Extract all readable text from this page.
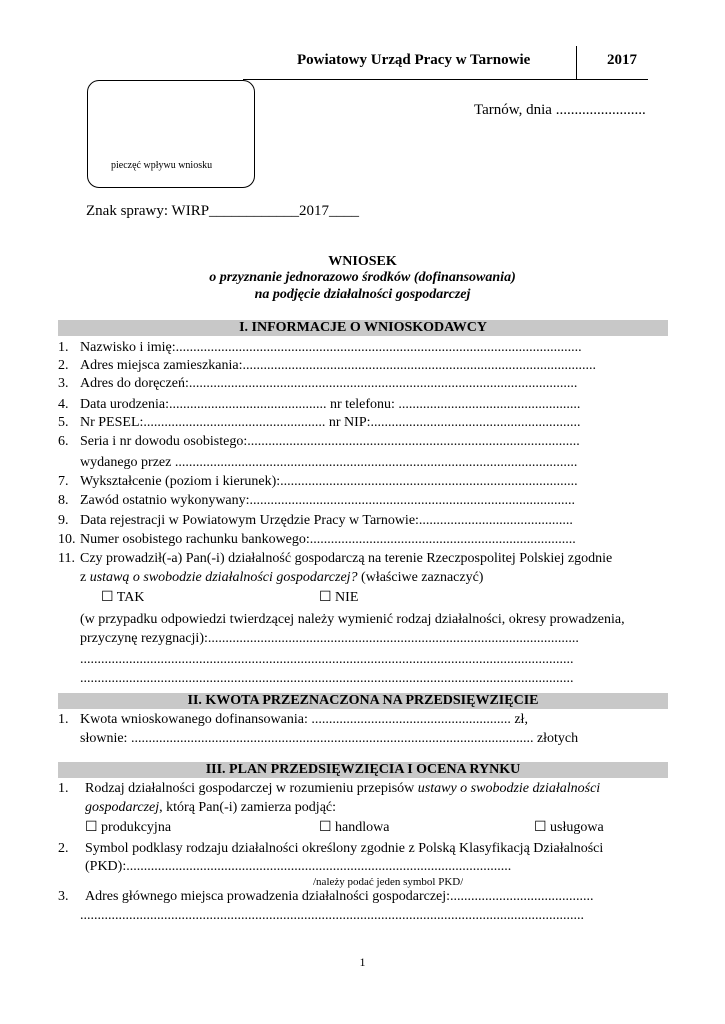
Powiatowy Urząd Pracy w Tarnowie	2017
pieczęć wpływu wniosku
Tarnów, dnia ........................
Znak sprawy: WIRP____________2017____
WNIOSEK
o przyznanie jednorazowo środków (dofinansowania)
na podjęcie działalności gospodarczej
I. INFORMACJE O WNIOSKODAWCY
1. Nazwisko i imię:....................................................................................................................
2. Adres miejsca zamieszkania:.....................................................................................................
3. Adres do doręczeń:...............................................................................................................
4. Data urodzenia:............................................. nr telefonu: ....................................................
5. Nr PESEL:.................................................... nr NIP:............................................................
6. Seria i nr dowodu osobistego:...............................................................................................
wydanego przez ...................................................................................................................
7. Wykształcenie (poziom i kierunek):.....................................................................................
8. Zawód ostatnio wykonywany:.............................................................................................
9. Data rejestracji w Powiatowym Urzędzie Pracy w Tarnowie:............................................
10. Numer osobistego rachunku bankowego:............................................................................
11. Czy prowadził(-a) Pan(-i) działalność gospodarczą na terenie Rzeczpospolitej Polskiej zgodnie
z ustawą o swobodzie działalności gospodarczej? (właściwe zaznaczyć)
☐ TAK	☐ NIE
(w przypadku odpowiedzi twierdzącej należy wymienić rodzaj działalności, okresy prowadzenia,
przyczynę rezygnacji):..........................................................................................................
.............................................................................................................................................
.............................................................................................................................................
II. KWOTA PRZEZNACZONA NA PRZEDSIĘWZIĘCIE
1. Kwota wnioskowanego dofinansowania: ......................................................... zł,
słownie: ................................................................................................................... złotych
III. PLAN PRZEDSIĘWZIĘCIA I OCENA RYNKU
1. Rodzaj działalności gospodarczej w rozumieniu przepisów ustawy o swobodzie działalności
gospodarczej, którą Pan(-i) zamierza podjąć:
☐ produkcyjna	☐ handlowa	☐ usługowa
2. Symbol podklasy rodzaju działalności określony zgodnie z Polską Klasyfikacją Działalności
(PKD):..............................................................................................................
/należy podać jeden symbol PKD/
3. Adres głównego miejsca prowadzenia działalności gospodarczej:.........................................
................................................................................................................................................
1
